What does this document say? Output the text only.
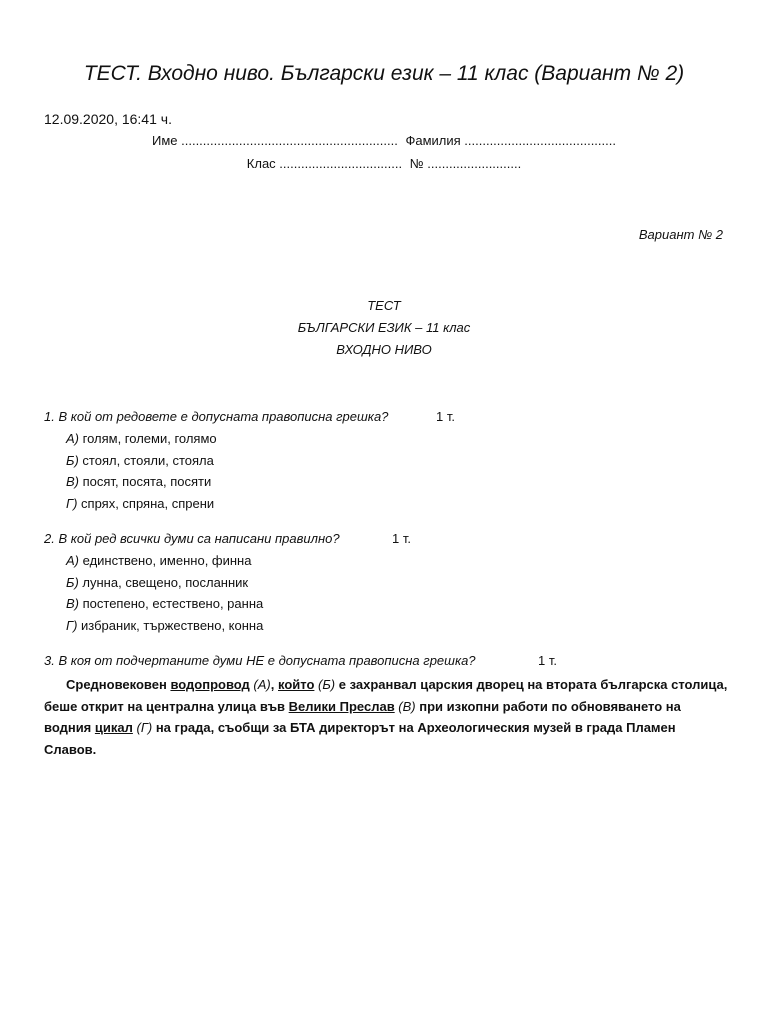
ТЕСТ. Входно ниво. Български език – 11 клас (Вариант № 2)
12.09.2020, 16:41 ч.
Име ............................................................ Фамилия ..........................................
Клас .................................. № ..........................
Вариант № 2
ТЕСТ
БЪЛГАРСКИ ЕЗИК – 11 клас
ВХОДНО НИВО
1. В кой от редовете е допусната правописна грешка?	1 т.
А) голям, големи, голямо
Б) стоял, стояли, стояла
В) посят, посята, посяти
Г) спрях, спряна, спрени
2. В кой ред всички думи са написани правилно?	1 т.
А) единствено, именно, финна
Б) лунна, свещено, посланник
В) постепено, естествено, ранна
Г) избраник, тържествено, конна
3. В коя от подчертаните думи НЕ е допусната правописна грешка?	1 т.
Средновековен водопровод (А), който (Б) е захранвал царския дворец на втората българска столица, беше открит на централна улица във Велики Преслав (В) при изкопни работи по обновяването на водния цикал (Г) на града, съобщи за БТА директорът на Археологическия музей в града Пламен Славов.
